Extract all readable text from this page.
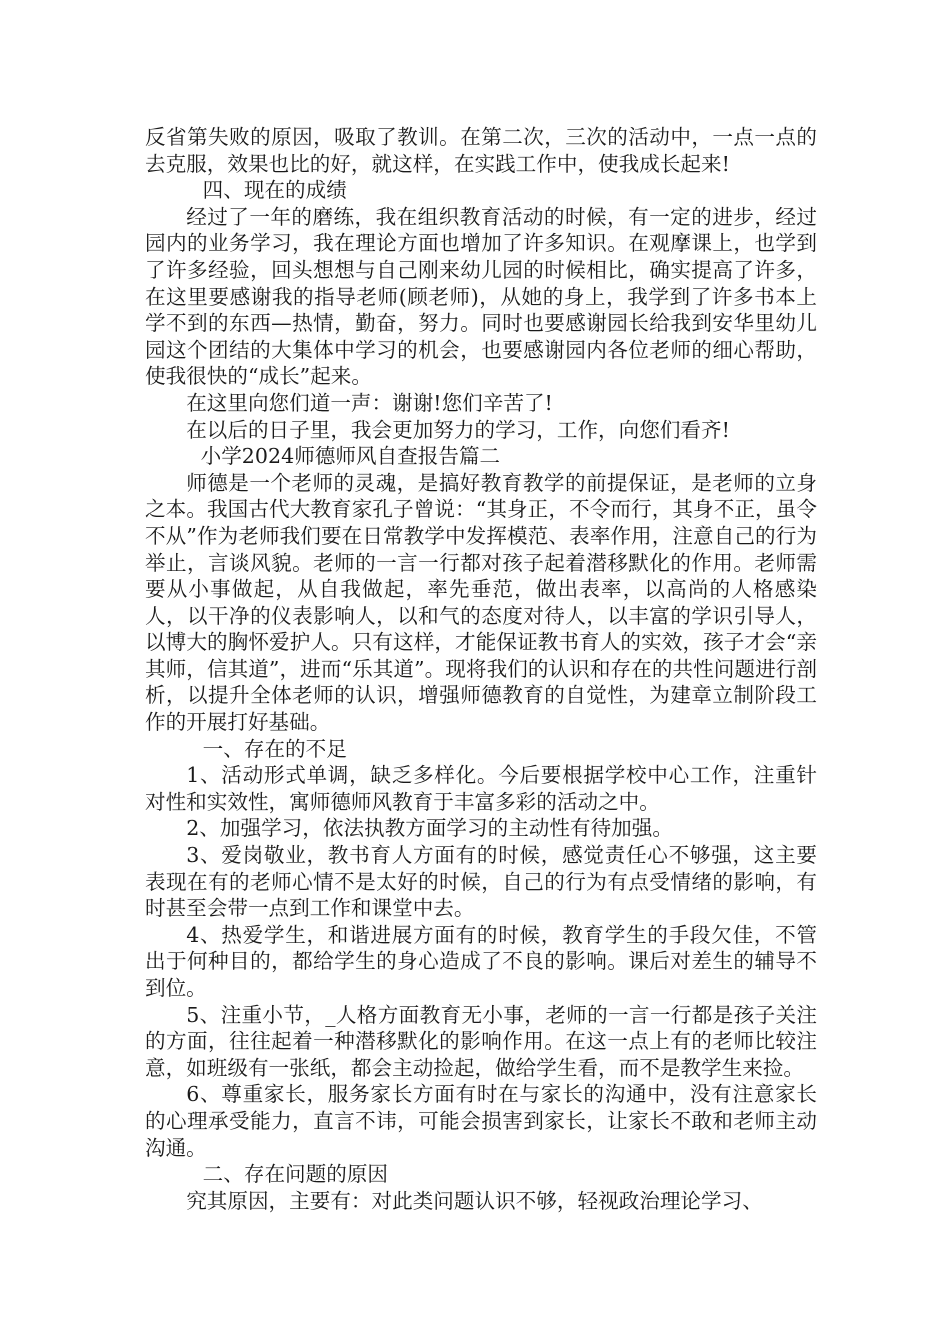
反省第失败的原因，吸取了教训。在第二次，三次的活动中，一点一点的去克服，效果也比的好，就这样，在实践工作中，使我成长起来!

四、现在的成绩

经过了一年的磨练，我在组织教育活动的时候，有一定的进步，经过园内的业务学习，我在理论方面也增加了许多知识。在观摩课上，也学到了许多经验，回头想想与自己刚来幼儿园的时候相比，确实提高了许多，在这里要感谢我的指导老师(顾老师)，从她的身上，我学到了许多书本上学不到的东西—热情，勤奋，努力。同时也要感谢园长给我到安华里幼儿园这个团结的大集体中学习的机会，也要感谢园内各位老师的细心帮助，使我很快的“成长”起来。

在这里向您们道一声：谢谢!您们辛苦了!

在以后的日子里，我会更加努力的学习，工作，向您们看齐!

小学2024师德师风自查报告篇二

师德是一个老师的灵魂，是搞好教育教学的前提保证，是老师的立身之本。我国古代大教育家孔子曾说：“其身正，不令而行，其身不正，虽令不从”作为老师我们要在日常教学中发挥模范、表率作用，注意自己的行为举止，言谈风貌。老师的一言一行都对孩子起着潜移默化的作用。老师需要从小事做起，从自我做起，率先垂范，做出表率，以高尚的人格感染人，以干净的仪表影响人，以和气的态度对待人，以丰富的学识引导人，以博大的胸怀爱护人。只有这样，才能保证教书育人的实效，孩子才会“亲其师，信其道”，进而“乐其道”。现将我们的认识和存在的共性问题进行剖析，以提升全体老师的认识，增强师德教育的自觉性，为建章立制阶段工作的开展打好基础。

一、存在的不足

1、活动形式单调，缺乏多样化。今后要根据学校中心工作，注重针对性和实效性，寓师德师风教育于丰富多彩的活动之中。

2、加强学习，依法执教方面学习的主动性有待加强。

3、爱岗敬业，教书育人方面有的时候，感觉责任心不够强，这主要表现在有的老师心情不是太好的时候，自己的行为有点受情绪的影响，有时甚至会带一点到工作和课堂中去。

4、热爱学生，和谐进展方面有的时候，教育学生的手段欠佳，不管出于何种目的，都给学生的身心造成了不良的影响。课后对差生的辅导不到位。

5、注重小节，_人格方面教育无小事，老师的一言一行都是孩子关注的方面，往往起着一种潜移默化的影响作用。在这一点上有的老师比较注意，如班级有一张纸，都会主动捡起，做给学生看，而不是教学生来捡。

6、尊重家长，服务家长方面有时在与家长的沟通中，没有注意家长的心理承受能力，直言不讳，可能会损害到家长，让家长不敢和老师主动沟通。

二、存在问题的原因

究其原因，主要有：对此类问题认识不够，轻视政治理论学习、
